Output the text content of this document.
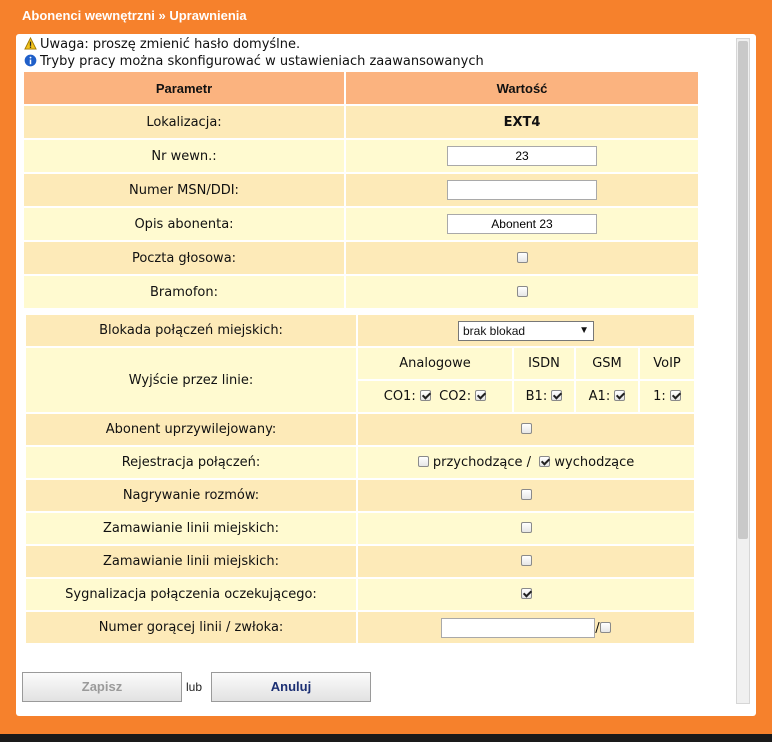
Abonenci wewnętrzni » Uprawnienia
Uwaga: proszę zmienić hasło domyślne.
Tryby pracy można skonfigurować w ustawieniach zaawansowanych
Parametr	Wartość
Lokalizacja:	EXT4
Nr wewn.:	23
Numer MSN/DDI:	
Opis abonenta:	Abonent 23
Poczta głosowa:	
Bramofon:	
Blokada połączeń miejskich:	brak blokad ▼			

Wyjście przez linie:	Analogowe	ISDN	GSM	VoIP
	CO1: CO2:	B1:	A1:	1:
Abonent uprzywilejowany:				
Rejestracja połączeń:	przychodzące / wychodzące			
Nagrywanie rozmów:				
Zamawianie linii miejskich:				
Zamawianie linii miejskich:				
Sygnalizacja połączenia oczekującego:				
Numer gorącej linii / zwłoka:	/			
Zapisz	lub	Anuluj
